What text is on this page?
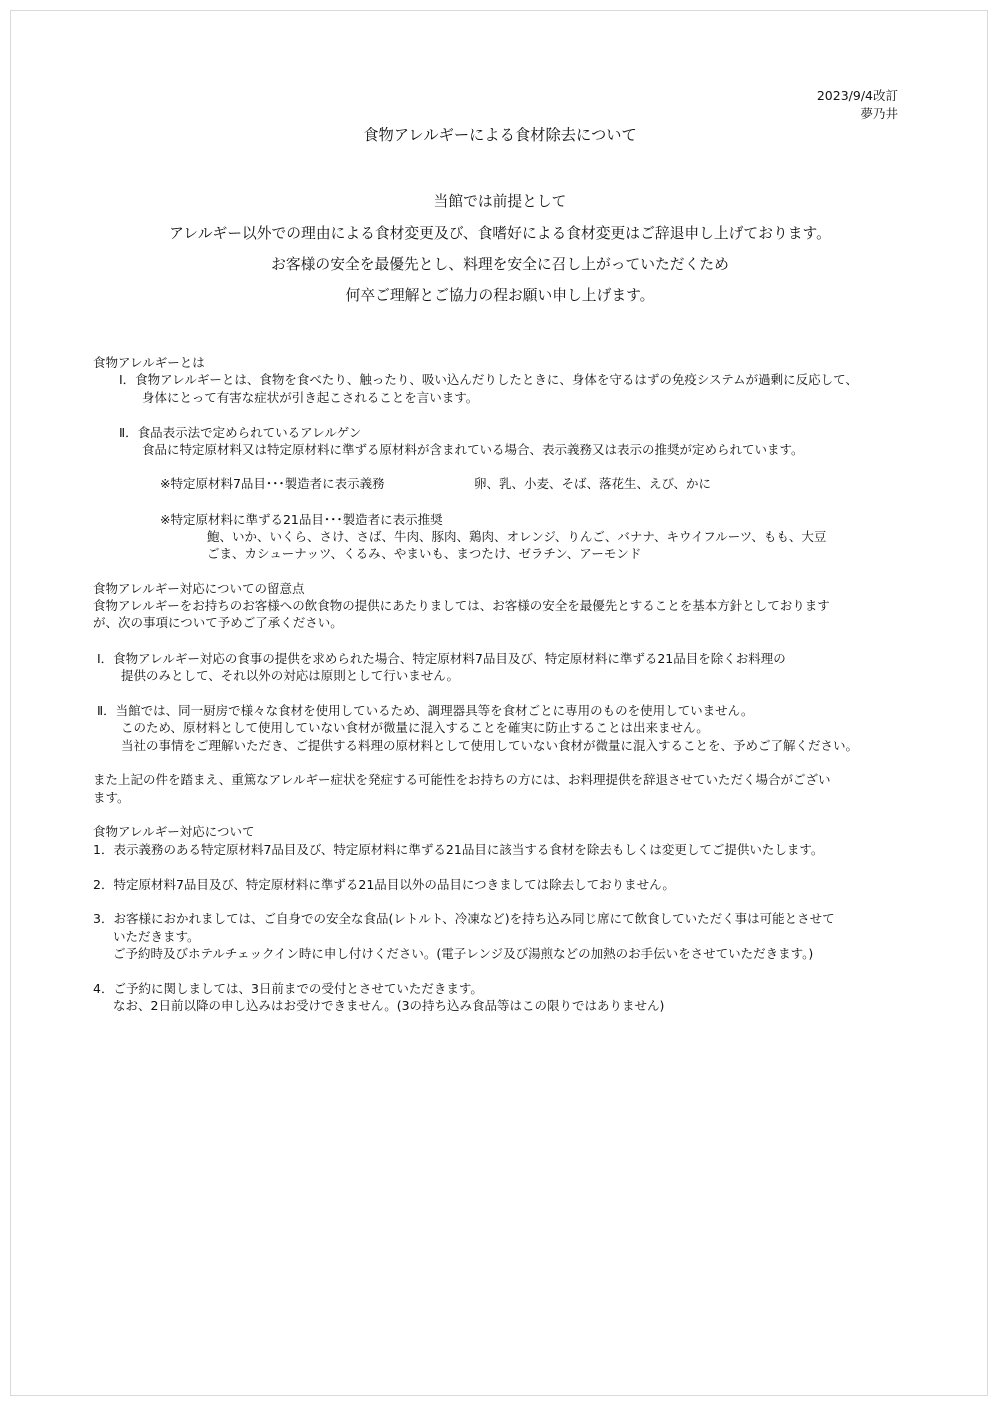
2023/9/4改訂
夢乃井
食物アレルギーによる食材除去について
当館では前提として
アレルギー以外での理由による食材変更及び、食嗜好による食材変更はご辞退申し上げております。
お客様の安全を最優先とし、料理を安全に召し上がっていただくため
何卒ご理解とご協力の程お願い申し上げます。
食物アレルギーとは
Ⅰ．食物アレルギーとは、食物を食べたり、触ったり、吸い込んだりしたときに、身体を守るはずの免疫システムが過剰に反応して、
身体にとって有害な症状が引き起こされることを言います。
Ⅱ．食品表示法で定められているアレルゲン
食品に特定原材料又は特定原材料に準ずる原材料が含まれている場合、表示義務又は表示の推奨が定められています。
※特定原材料7品目･･･製造者に表示義務	卵、乳、小麦、そば、落花生、えび、かに
※特定原材料に準ずる21品目･･･製造者に表示推奨
鮑、いか、いくら、さけ、さば、牛肉、豚肉、鶏肉、オレンジ、りんご、バナナ、キウイフルーツ、もも、大豆
ごま、カシューナッツ、くるみ、やまいも、まつたけ、ゼラチン、アーモンド
食物アレルギー対応についての留意点
食物アレルギーをお持ちのお客様への飲食物の提供にあたりましては、お客様の安全を最優先とすることを基本方針としております
が、次の事項について予めご了承ください。
Ⅰ．食物アレルギー対応の食事の提供を求められた場合、特定原材料7品目及び、特定原材料に準ずる21品目を除くお料理の
提供のみとして、それ以外の対応は原則として行いません。
Ⅱ．当館では、同一厨房で様々な食材を使用しているため、調理器具等を食材ごとに専用のものを使用していません。
このため、原材料として使用していない食材が微量に混入することを確実に防止することは出来ません。
当社の事情をご理解いただき、ご提供する料理の原材料として使用していない食材が微量に混入することを、予めご了解ください。
また上記の件を踏まえ、重篤なアレルギー症状を発症する可能性をお持ちの方には、お料理提供を辞退させていただく場合がござい
ます。
食物アレルギー対応について
1．表示義務のある特定原材料7品目及び、特定原材料に準ずる21品目に該当する食材を除去もしくは変更してご提供いたします。
2．特定原材料7品目及び、特定原材料に準ずる21品目以外の品目につきましては除去しておりません。
3．お客様におかれましては、ご自身での安全な食品(レトルト、冷凍など)を持ち込み同じ席にて飲食していただく事は可能とさせて
いただきます。
ご予約時及びホテルチェックイン時に申し付けください。(電子レンジ及び湯煎などの加熱のお手伝いをさせていただきます。)
4．ご予約に関しましては、3日前までの受付とさせていただきます。
なお、2日前以降の申し込みはお受けできません。(3の持ち込み食品等はこの限りではありません)
